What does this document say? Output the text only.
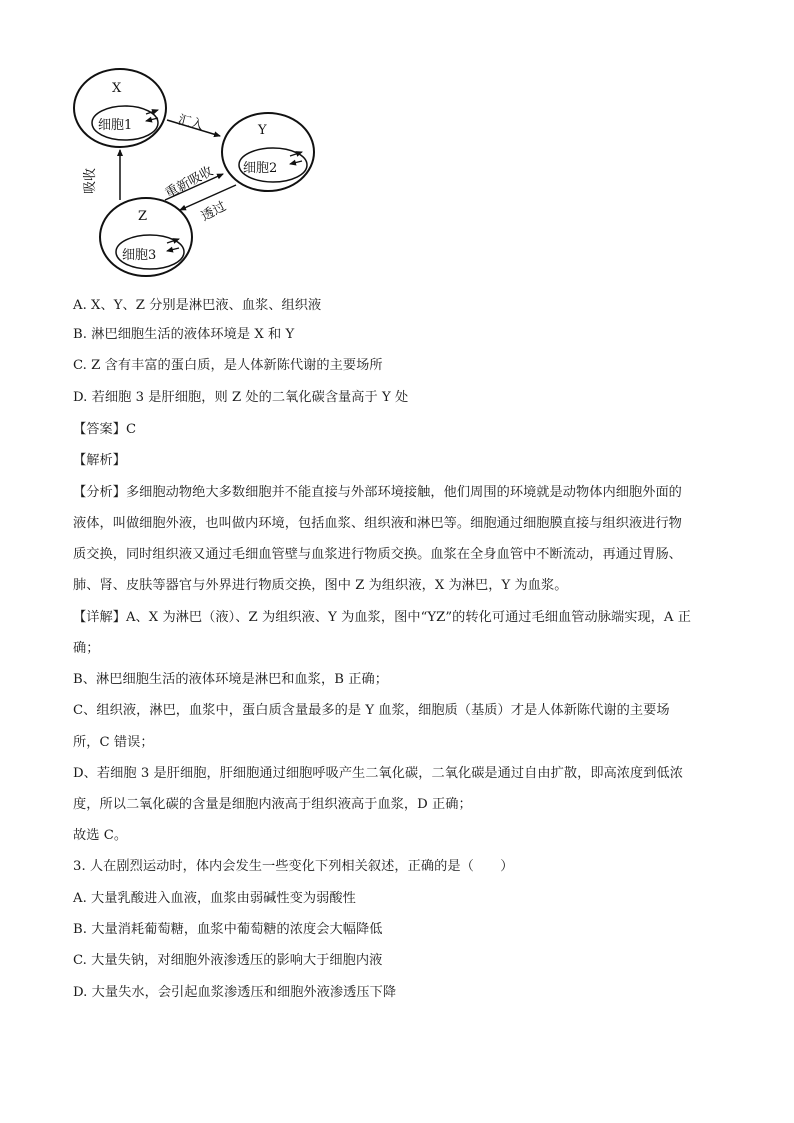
X
细胞1	Y
细胞2
Z
细胞3
汇入
吸收	重新吸收
透过
A. X、Y、Z 分别是淋巴液、血浆、组织液
B. 淋巴细胞生活的液体环境是 X 和 Y
C. Z 含有丰富的蛋白质，是人体新陈代谢的主要场所
D. 若细胞 3 是肝细胞，则 Z 处的二氧化碳含量高于 Y 处
【答案】C
【解析】
【分析】多细胞动物绝大多数细胞并不能直接与外部环境接触，他们周围的环境就是动物体内细胞外面的
液体，叫做细胞外液，也叫做内环境，包括血浆、组织液和淋巴等。细胞通过细胞膜直接与组织液进行物
质交换，同时组织液又通过毛细血管壁与血浆进行物质交换。血浆在全身血管中不断流动，再通过胃肠、
肺、肾、皮肤等器官与外界进行物质交换，图中 Z 为组织液，X 为淋巴，Y 为血浆。
【详解】A、X 为淋巴（液）、Z 为组织液、Y 为血浆，图中“YZ”的转化可通过毛细血管动脉端实现，A 正
确；
B、淋巴细胞生活的液体环境是淋巴和血浆，B 正确；
C、组织液，淋巴，血浆中，蛋白质含量最多的是 Y 血浆，细胞质（基质）才是人体新陈代谢的主要场
所，C 错误；
D、若细胞 3 是肝细胞，肝细胞通过细胞呼吸产生二氧化碳，二氧化碳是通过自由扩散，即高浓度到低浓
度，所以二氧化碳的含量是细胞内液高于组织液高于血浆，D 正确；
故选 C。
3. 人在剧烈运动时，体内会发生一些变化下列相关叙述，正确的是（　　）
A. 大量乳酸进入血液，血浆由弱碱性变为弱酸性
B. 大量消耗葡萄糖，血浆中葡萄糖的浓度会大幅降低
C. 大量失钠，对细胞外液渗透压的影响大于细胞内液
D. 大量失水，会引起血浆渗透压和细胞外液渗透压下降
